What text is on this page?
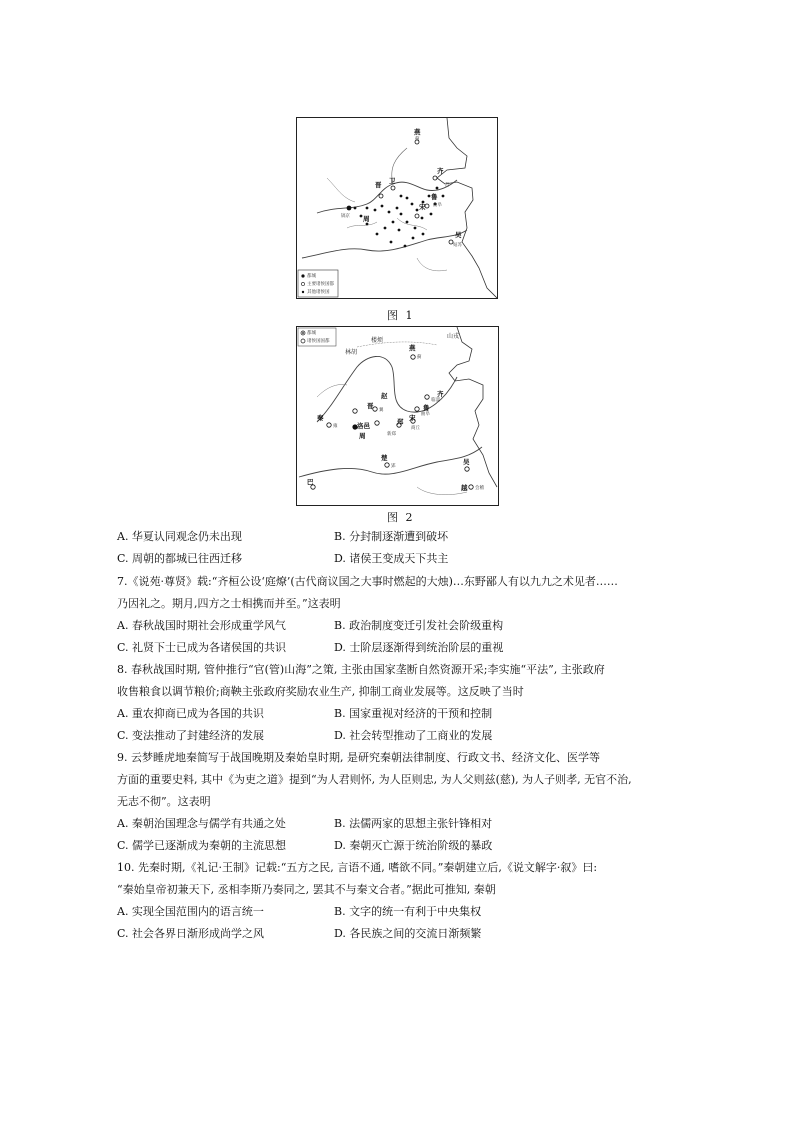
燕
蓟
晋 卫
齐
莒
鲁
宋 曲阜
周
镐京
吴
姑苏
都城
主要诸侯国都
其他诸侯国
图 1
都城
诸侯国国都
燕
蓟
秦
雍
赵
晋
翼
齐
临淄
鲁
曲阜
洛邑
周	新郑
郑 宋
商丘
楚
郢
巴
吴
越 会稽
山戎
林胡
楼烦
图 2
A. 华夏认同观念仍未出现	B. 分封制逐渐遭到破坏
C. 周朝的都城已往西迁移	D. 诸侯王变成天下共主
7.《说苑·尊贤》载:“齐桓公设‘庭燎’(古代商议国之大事时燃起的大烛)…东野鄙人有以九九之术见者……
乃因礼之。期月,四方之士相携而并至。”这表明
A. 春秋战国时期社会形成重学风气	B. 政治制度变迁引发社会阶级重构
C. 礼贤下士已成为各诸侯国的共识	D. 士阶层逐渐得到统治阶层的重视
8. 春秋战国时期, 管仲推行“官(管)山海”之策, 主张由国家垄断自然资源开采;李实施“平法”, 主张政府
收售粮食以调节粮价;商鞅主张政府奖励农业生产, 抑制工商业发展等。这反映了当时
A. 重农抑商已成为各国的共识	B. 国家重视对经济的干预和控制
C. 变法推动了封建经济的发展	D. 社会转型推动了工商业的发展
9. 云梦睡虎地秦简写于战国晚期及秦始皇时期, 是研究秦朝法律制度、行政文书、经济文化、医学等
方面的重要史料, 其中《为吏之道》提到“为人君则怀, 为人臣则忠, 为人父则兹(慈), 为人子则孝, 无官不治,
无志不彻”。这表明
A. 秦朝治国理念与儒学有共通之处	B. 法儒两家的思想主张针锋相对
C. 儒学已逐渐成为秦朝的主流思想	D. 秦朝灭亡源于统治阶级的暴政
10. 先秦时期,《礼记·王制》记载:“五方之民, 言语不通, 嗜欲不同。”秦朝建立后,《说文解字·叙》曰:
“秦始皇帝初兼天下, 丞相李斯乃奏同之, 罢其不与秦文合者。”据此可推知, 秦朝
A. 实现全国范围内的语言统一	B. 文字的统一有利于中央集权
C. 社会各界日渐形成尚学之风	D. 各民族之间的交流日渐频繁
